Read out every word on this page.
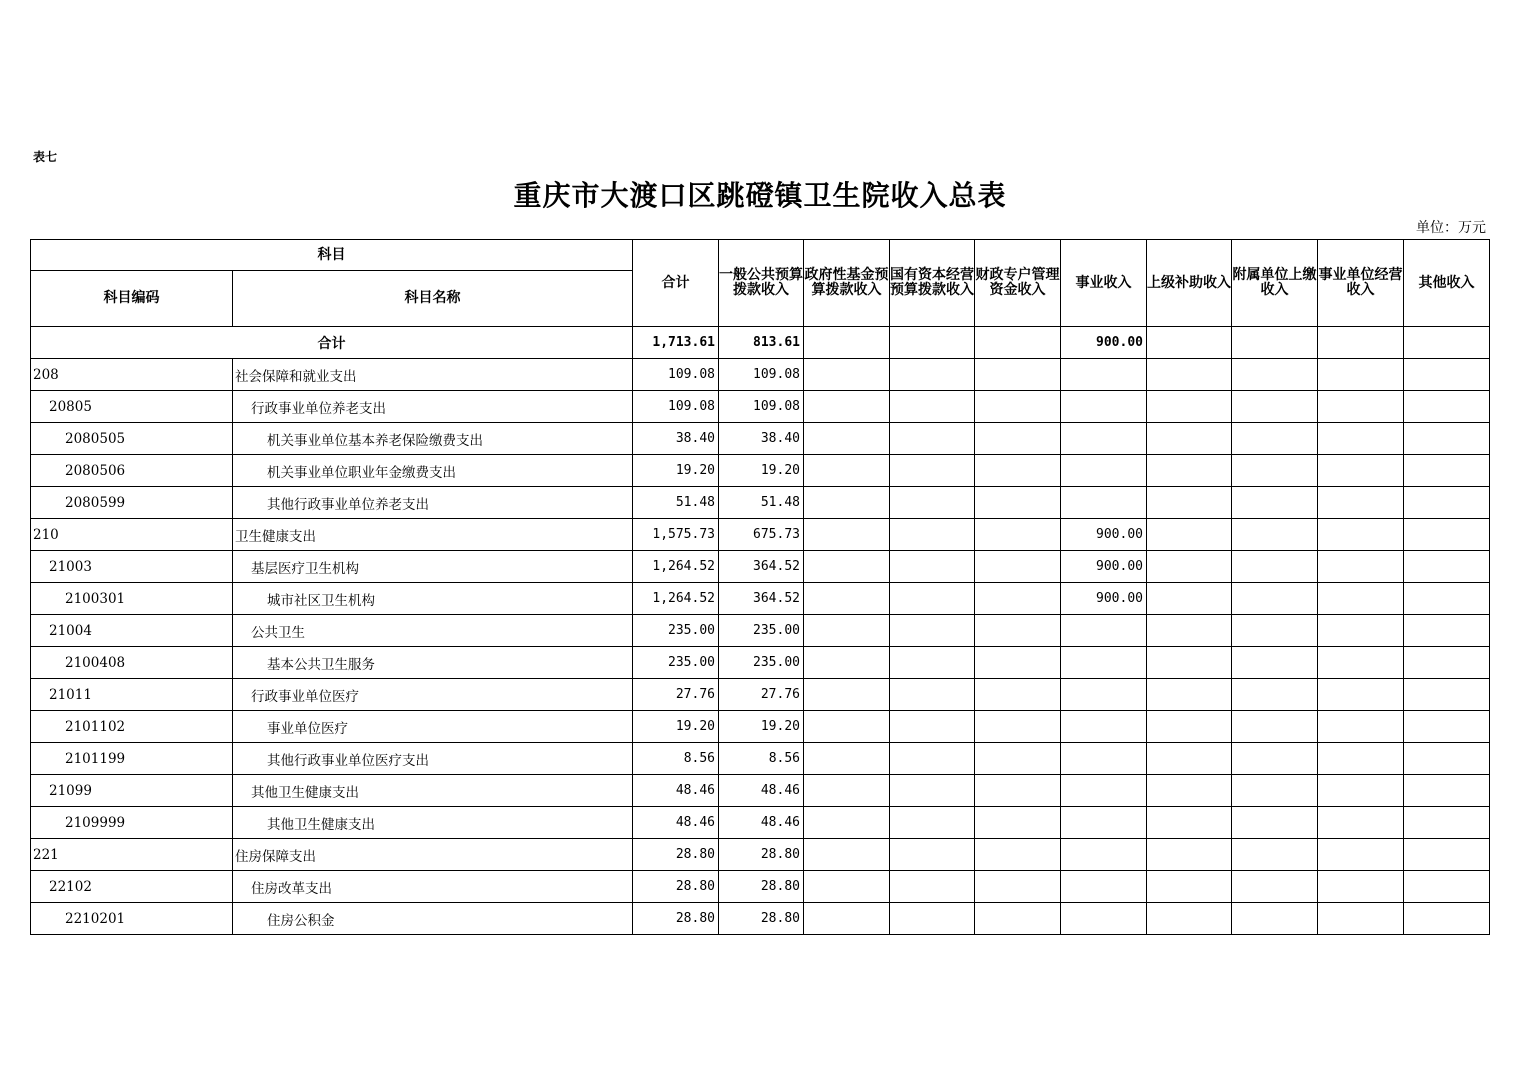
表七
重庆市大渡口区跳磴镇卫生院收入总表
单位：万元
科目		合计	一般公共预算拨款收入	政府性基金预算拨款收入	国有资本经营预算拨款收入	财政专户管理资金收入	事业收入	上级补助收入	附属单位上缴收入	事业单位经营收入	其他收入
科目编码	科目名称										
合计		1,713.61	813.61				900.00				
208	社会保障和就业支出	109.08	109.08								
20805	行政事业单位养老支出	109.08	109.08								
2080505	机关事业单位基本养老保险缴费支出	38.40	38.40								
2080506	机关事业单位职业年金缴费支出	19.20	19.20								
2080599	其他行政事业单位养老支出	51.48	51.48								
210	卫生健康支出	1,575.73	675.73				900.00				
21003	基层医疗卫生机构	1,264.52	364.52				900.00				
2100301	城市社区卫生机构	1,264.52	364.52				900.00				
21004	公共卫生	235.00	235.00								
2100408	基本公共卫生服务	235.00	235.00								
21011	行政事业单位医疗	27.76	27.76								
2101102	事业单位医疗	19.20	19.20								
2101199	其他行政事业单位医疗支出	8.56	8.56								
21099	其他卫生健康支出	48.46	48.46								
2109999	其他卫生健康支出	48.46	48.46								
221	住房保障支出	28.80	28.80								
22102	住房改革支出	28.80	28.80								
2210201	住房公积金	28.80	28.80								
